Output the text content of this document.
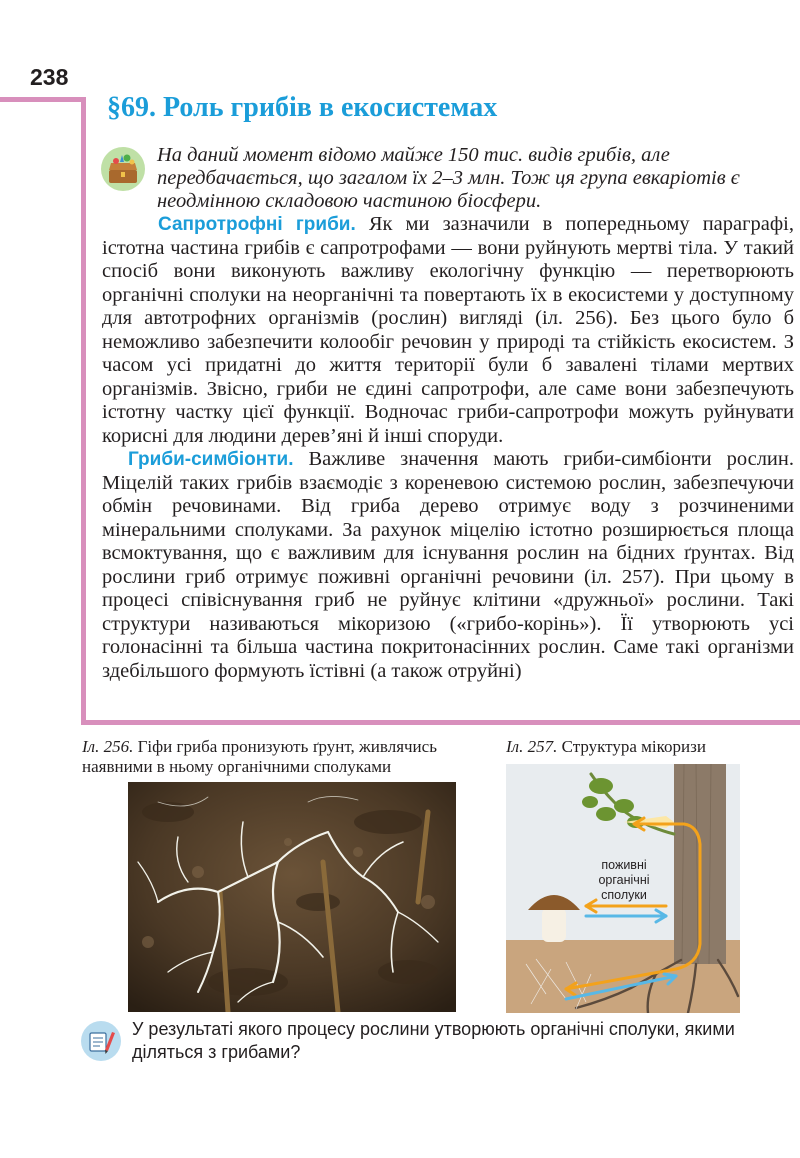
238
§69. Роль грибів в екосистемах

На даний момент відомо майже 150 тис. видів грибів, але передбачається, що загалом їх 2–3 млн. Тож ця група евкаріотів є неодмінною складовою частиною біосфери.

Сапротрофні гриби. Як ми зазначили в попередньому параграфі, істотна частина грибів є сапротрофами — вони руйнують мертві тіла. У такий спосіб вони виконують важливу екологічну функцію — перетворюють органічні сполуки на неорганічні та повертають їх в екосистеми у доступному для автотрофних організмів (рослин) вигляді (іл. 256). Без цього було б неможливо забезпечити колообіг речовин у природі та стійкість екосистем. З часом усі придатні до життя території були б завалені тілами мертвих організмів. Звісно, гриби не єдині сапротрофи, але саме вони забезпечують істотну частку цієї функції. Водночас гриби-сапротрофи можуть руйнувати корисні для людини дерев’яні й інші споруди.

Гриби-симбіонти. Важливе значення мають гриби-симбіонти рослин. Міцелій таких грибів взаємодіє з кореневою системою рослин, забезпечуючи обмін речовинами. Від гриба дерево отримує воду з розчиненими мінеральними сполуками. За рахунок міцелію істотно розширюється площа всмоктування, що є важливим для існування рослин на бідних ґрунтах. Від рослини гриб отримує поживні органічні речовини (іл. 257). При цьому в процесі співіснування гриб не руйнує клітини «дружньої» рослини. Такі структури називаються мікоризою («грибо-корінь»). Її утворюють усі голонасінні та більша частина покритонасінних рослин. Саме такі організми здебільшого формують їстівні (а також отруйні)

Іл. 256. Гіфи гриба пронизують ґрунт, живлячись наявними в ньому органічними сполуками

Іл. 257. Структура мікоризи

поживні
органічні
сполуки

У результаті якого процесу рослини утворюють органічні сполуки, якими діляться з грибами?
